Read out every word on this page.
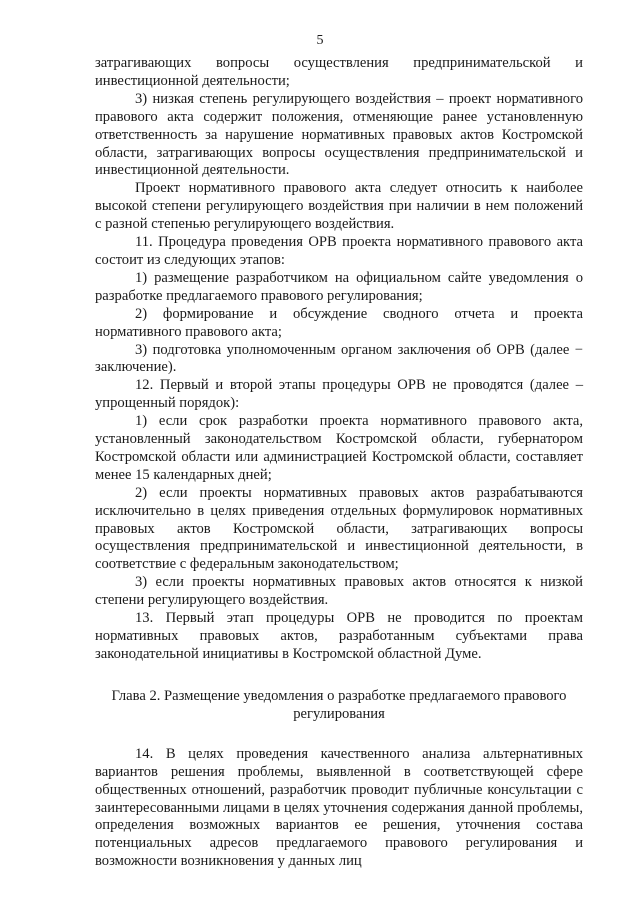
5

затрагивающих вопросы осуществления предпринимательской и инвестиционной деятельности;

3) низкая степень регулирующего воздействия – проект нормативного правового акта содержит положения, отменяющие ранее установленную ответственность за нарушение нормативных правовых актов Костромской области, затрагивающих вопросы осуществления предпринимательской и инвестиционной деятельности.

Проект нормативного правового акта следует относить к наиболее высокой степени регулирующего воздействия при наличии в нем положений с разной степенью регулирующего воздействия.

11. Процедура проведения ОРВ проекта нормативного правового акта состоит из следующих этапов:

1) размещение разработчиком на официальном сайте уведомления о разработке предлагаемого правового регулирования;

2) формирование и обсуждение сводного отчета и проекта нормативного правового акта;

3) подготовка уполномоченным органом заключения об ОРВ (далее − заключение).

12. Первый и второй этапы процедуры ОРВ не проводятся (далее – упрощенный порядок):

1) если срок разработки проекта нормативного правового акта, установленный законодательством Костромской области, губернатором Костромской области или администрацией Костромской области, составляет менее 15 календарных дней;

2) если проекты нормативных правовых актов разрабатываются исключительно в целях приведения отдельных формулировок нормативных правовых актов Костромской области, затрагивающих вопросы осуществления предпринимательской и инвестиционной деятельности, в соответствие с федеральным законодательством;

3) если проекты нормативных правовых актов относятся к низкой степени регулирующего воздействия.

13. Первый этап процедуры ОРВ не проводится по проектам нормативных правовых актов, разработанным субъектами права законодательной инициативы в Костромской областной Думе.

Глава 2. Размещение уведомления о разработке предлагаемого правового
регулирования

14. В целях проведения качественного анализа альтернативных вариантов решения проблемы, выявленной в соответствующей сфере общественных отношений, разработчик проводит публичные консультации с заинтересованными лицами в целях уточнения содержания данной проблемы, определения возможных вариантов ее решения, уточнения состава потенциальных адресов предлагаемого правового регулирования и возможности возникновения у данных лиц
